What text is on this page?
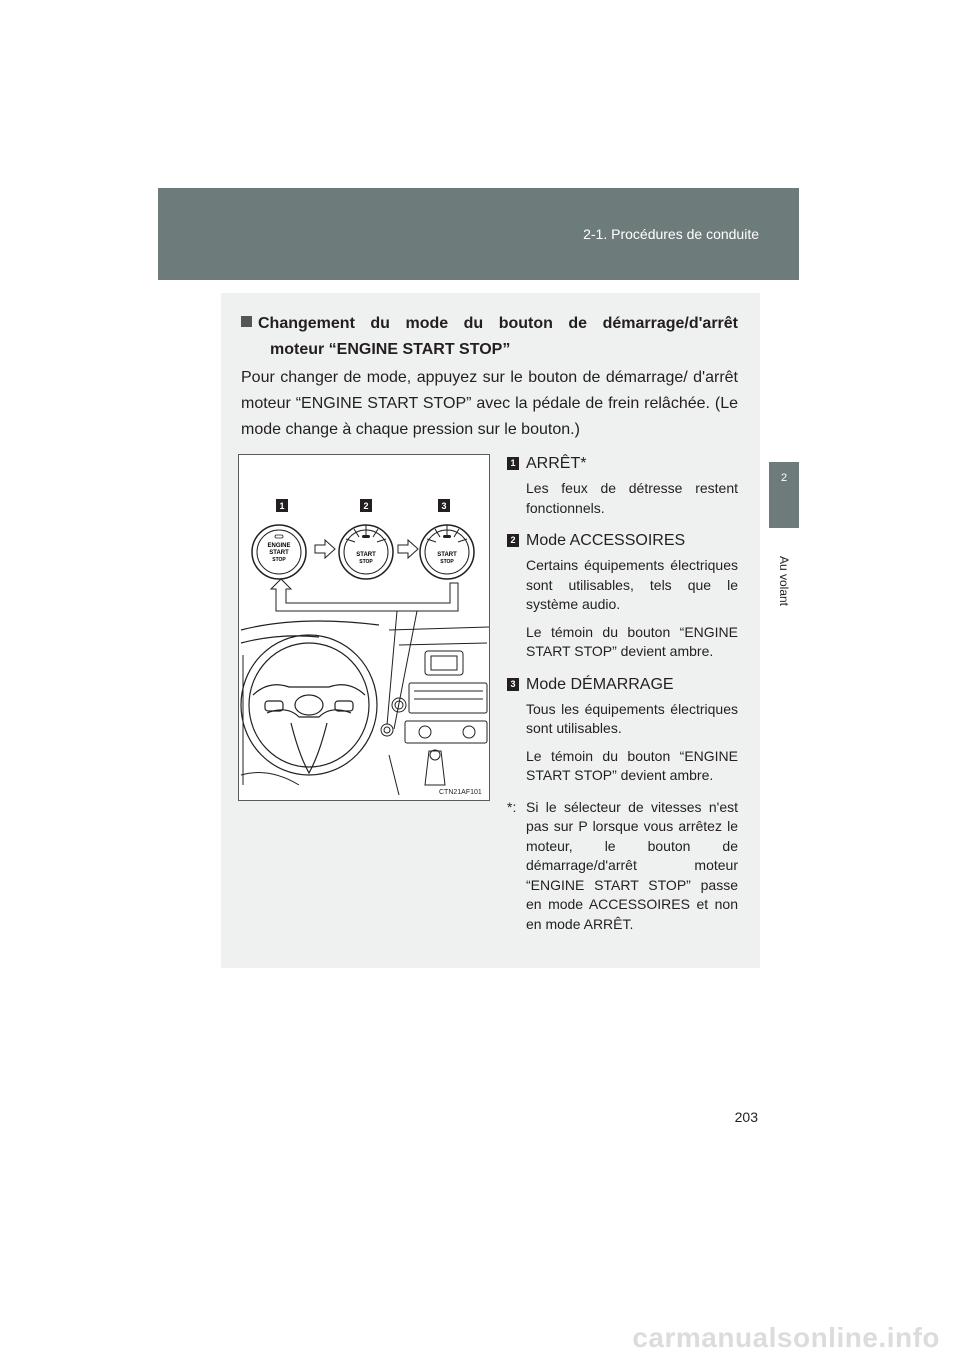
2-1. Procédures de conduite
2
Au volant
Changement du mode du bouton de démarrage/d'arrêt
moteur “ENGINE START STOP”
Pour changer de mode, appuyez sur le bouton de démarrage/ d'arrêt moteur “ENGINE START STOP” avec la pédale de frein relâchée. (Le mode change à chaque pression sur le bouton.)
1	2	3
ENGINE
START
STOP
START
STOP
START
STOP
CTN21AF101
1 ARRÊT*
Les feux de détresse restent fonctionnels.
2 Mode ACCESSOIRES
Certains équipements électriques sont utilisables, tels que le système audio.
Le témoin du bouton “ENGINE START STOP” devient ambre.
3 Mode DÉMARRAGE
Tous les équipements électriques sont utilisables.
Le témoin du bouton “ENGINE START STOP” devient ambre.
*: Si le sélecteur de vitesses n'est pas sur P lorsque vous arrêtez le moteur, le bouton de démarrage/d'arrêt moteur “ENGINE START STOP” passe en mode ACCESSOIRES et non en mode ARRÊT.
203
carmanualsonline.info
